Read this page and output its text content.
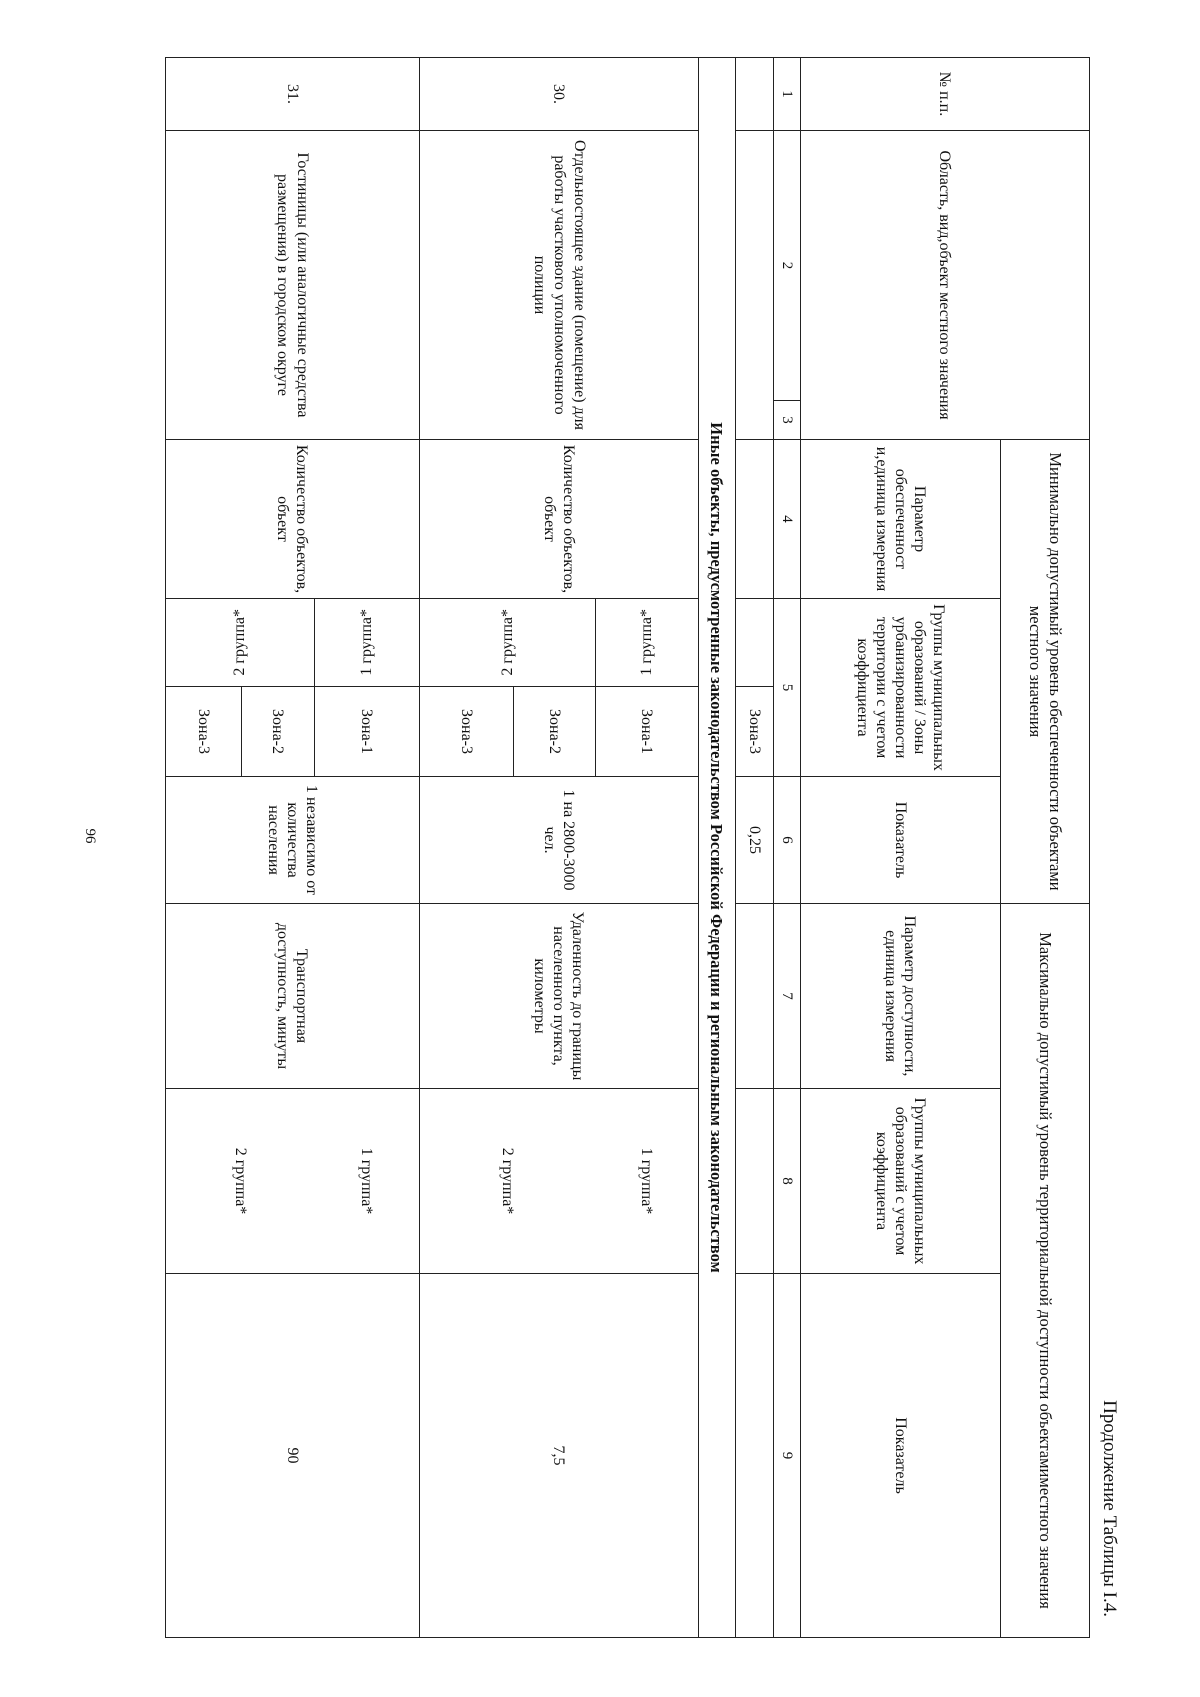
96
Продолжение Таблицы I.4.
№ п.п.	Область, вид,объект местного значения		Минимально допустимый уровень обеспеченности объектами местного значения				Максимально допустимый уровень территориальной доступности объектамиместного значения		
			Параметр обеспеченност и,единица измерения	Группы муниципальных образований / Зоны урбанизированности территории с учетом коэффициента		Показатель	Параметр доступности, единица измерения	Группы муниципальных образований с учетом коэффициента	Показатель
1	2	3	4	5		6	7	8	9
					Зона-3	0,25			
Иные объекты, предусмотренные законодательством Российской Федерации и региональным законодательством									
30.	Отдельностоящее здание (помещение) для работы участкового уполномоченного полиции		Количество объектов, объект	1 группа*	Зона-1	1 на 2800-3000 чел.	Удаленность до границы населенного пункта, километры	1 группа*	7,5
				2 группа*	Зона-2			2 группа*	
					Зона-3				
31.	Гостиницы (или аналогичные средства размещения) в городском округе		Количество объектов, объект	1 группа*	Зона-1	1 независимо от количества населения	Транспортная доступность, минуты	1 группа*	90
				2 группа*	Зона-2			2 группа*	
					Зона-3				
